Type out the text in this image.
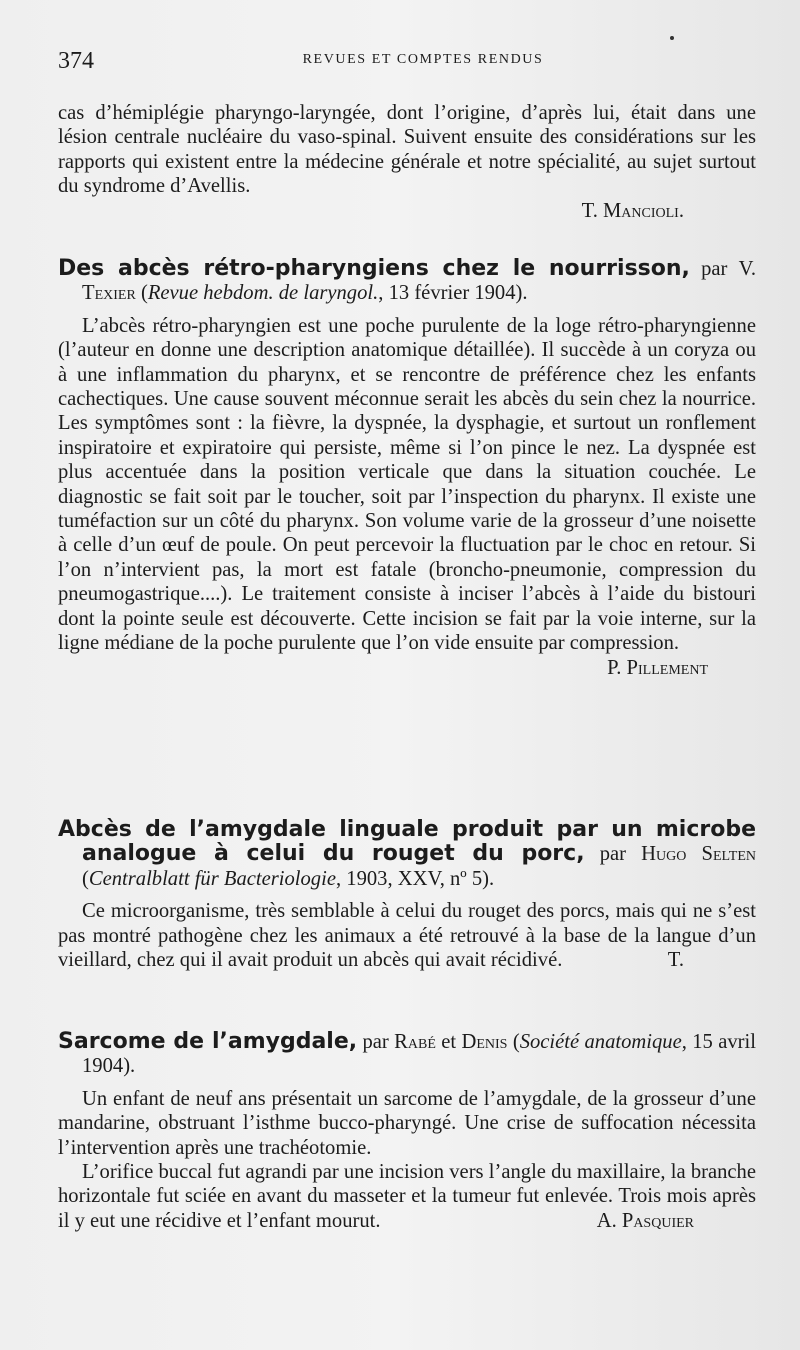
374	REVUES ET COMPTES RENDUS

cas d’hémiplégie pharyngo-laryngée, dont l’origine, d’après lui, était dans une lésion centrale nucléaire du vaso-spinal. Suivent ensuite des considérations sur les rapports qui existent entre la médecine générale et notre spécialité, au sujet surtout du syndrome d’Avellis.

T. Mancioli.

Des abcès rétro-pharyngiens chez le nourrisson, par V. Texier (Revue hebdom. de laryngol., 13 février 1904).

L’abcès rétro-pharyngien est une poche purulente de la loge rétro-pharyngienne (l’auteur en donne une description anatomique détaillée). Il succède à un coryza ou à une inflammation du pharynx, et se rencontre de préférence chez les enfants cachectiques. Une cause souvent méconnue serait les abcès du sein chez la nourrice. Les symptômes sont : la fièvre, la dyspnée, la dysphagie, et surtout un ronflement inspiratoire et expiratoire qui persiste, même si l’on pince le nez. La dyspnée est plus accentuée dans la position verticale que dans la situation couchée. Le diagnostic se fait soit par le toucher, soit par l’inspection du pharynx. Il existe une tuméfaction sur un côté du pharynx. Son volume varie de la grosseur d’une noisette à celle d’un œuf de poule. On peut percevoir la fluctuation par le choc en retour. Si l’on n’intervient pas, la mort est fatale (broncho-pneumonie, compression du pneumogastrique....). Le traitement consiste à inciser l’abcès à l’aide du bistouri dont la pointe seule est découverte. Cette incision se fait par la voie interne, sur la ligne médiane de la poche purulente que l’on vide ensuite par compression.

P. Pillement

Abcès de l’amygdale linguale produit par un microbe analogue à celui du rouget du porc, par Hugo Selten (Centralblatt für Bacteriologie, 1903, XXV, nº 5).

Ce microorganisme, très semblable à celui du rouget des porcs, mais qui ne s’est pas montré pathogène chez les animaux a été retrouvé à la base de la langue d’un vieillard, chez qui il avait produit un abcès qui avait récidivé.	T.

Sarcome de l’amygdale, par Rabé et Denis (Société anatomique, 15 avril 1904).

Un enfant de neuf ans présentait un sarcome de l’amygdale, de la grosseur d’une mandarine, obstruant l’isthme bucco-pharyngé. Une crise de suffocation nécessita l’intervention après une trachéotomie.

L’orifice buccal fut agrandi par une incision vers l’angle du maxillaire, la branche horizontale fut sciée en avant du masseter et la tumeur fut enlevée. Trois mois après il y eut une récidive et l’enfant mourut.	A. Pasquier
